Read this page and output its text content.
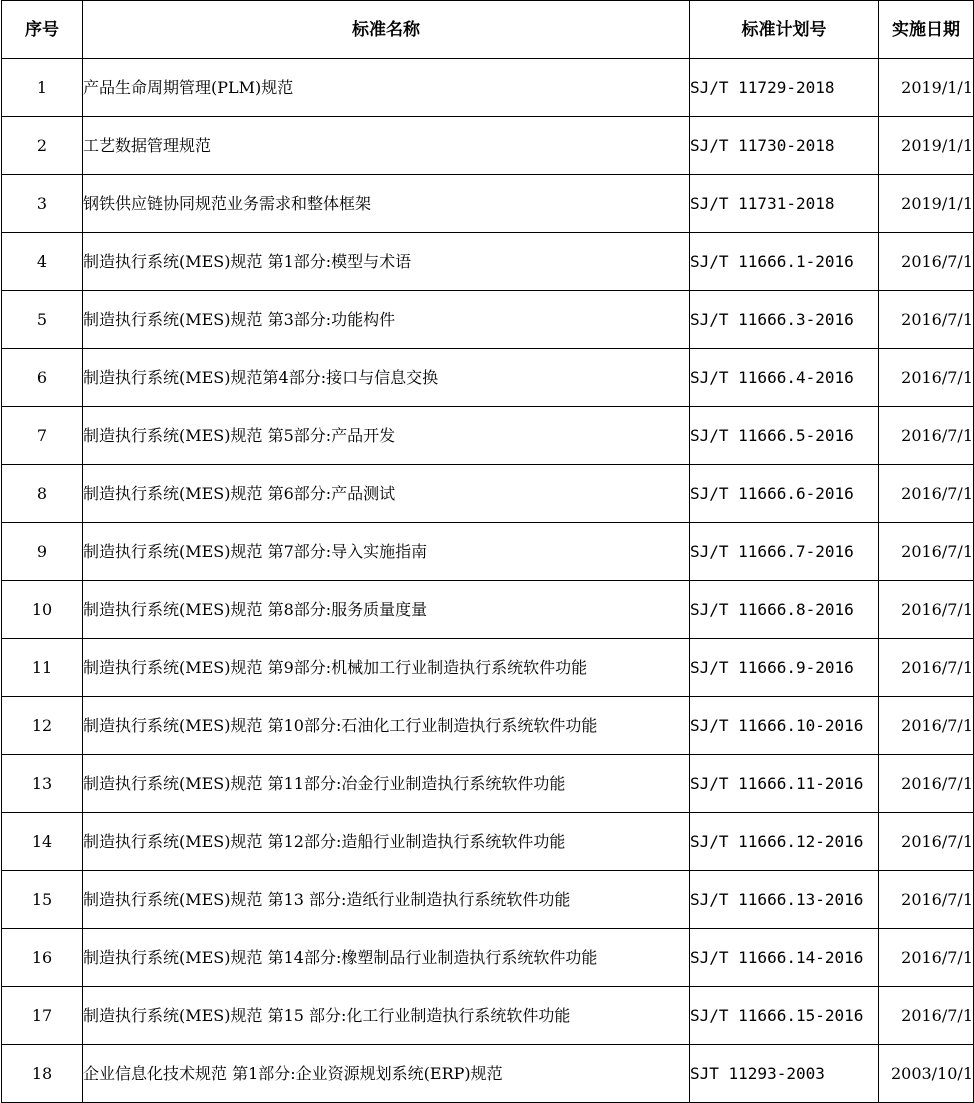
序号	标准名称	标准计划号	实施日期
1	产品生命周期管理(PLM)规范	SJ/T 11729-2018	2019/1/1
2	工艺数据管理规范	SJ/T 11730-2018	2019/1/1
3	钢铁供应链协同规范业务需求和整体框架	SJ/T 11731-2018	2019/1/1
4	制造执行系统(MES)规范 第1部分:模型与术语	SJ/T 11666.1-2016	2016/7/1
5	制造执行系统(MES)规范 第3部分:功能构件	SJ/T 11666.3-2016	2016/7/1
6	制造执行系统(MES)规范第4部分:接口与信息交换	SJ/T 11666.4-2016	2016/7/1
7	制造执行系统(MES)规范 第5部分:产品开发	SJ/T 11666.5-2016	2016/7/1
8	制造执行系统(MES)规范 第6部分:产品测试	SJ/T 11666.6-2016	2016/7/1
9	制造执行系统(MES)规范 第7部分:导入实施指南	SJ/T 11666.7-2016	2016/7/1
10	制造执行系统(MES)规范 第8部分:服务质量度量	SJ/T 11666.8-2016	2016/7/1
11	制造执行系统(MES)规范 第9部分:机械加工行业制造执行系统软件功能	SJ/T 11666.9-2016	2016/7/1
12	制造执行系统(MES)规范 第10部分:石油化工行业制造执行系统软件功能	SJ/T 11666.10-2016	2016/7/1
13	制造执行系统(MES)规范 第11部分:冶金行业制造执行系统软件功能	SJ/T 11666.11-2016	2016/7/1
14	制造执行系统(MES)规范 第12部分:造船行业制造执行系统软件功能	SJ/T 11666.12-2016	2016/7/1
15	制造执行系统(MES)规范 第13 部分:造纸行业制造执行系统软件功能	SJ/T 11666.13-2016	2016/7/1
16	制造执行系统(MES)规范 第14部分:橡塑制品行业制造执行系统软件功能	SJ/T 11666.14-2016	2016/7/1
17	制造执行系统(MES)规范 第15 部分:化工行业制造执行系统软件功能	SJ/T 11666.15-2016	2016/7/1
18	企业信息化技术规范 第1部分:企业资源规划系统(ERP)规范	SJT 11293-2003	2003/10/1
